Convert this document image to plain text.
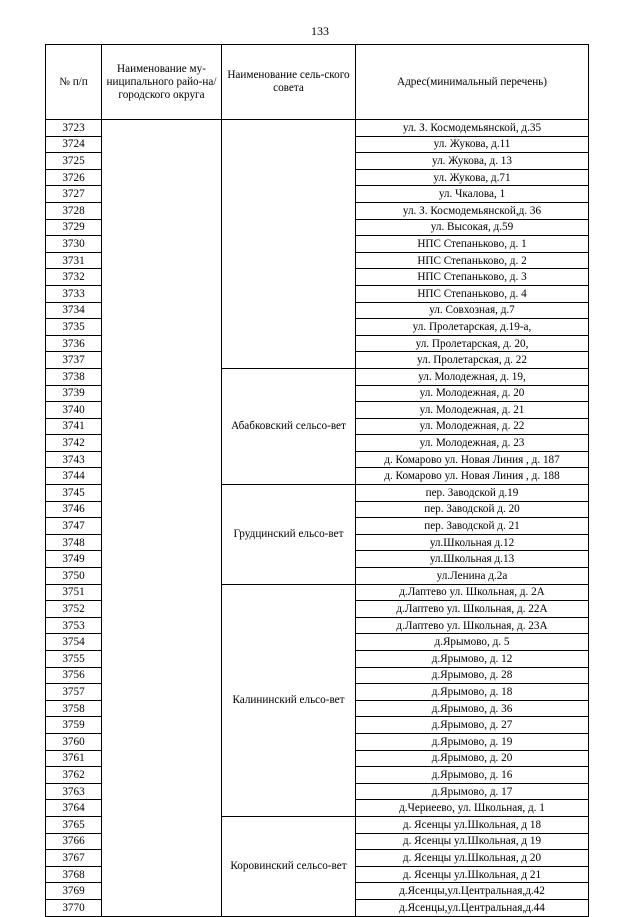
133
№ п/п	Наименование му-ниципального райо-на/ городского округа	Наименование сель-ского совета	Адрес(минимальный перечень)
3723			ул. З. Космодемьянской, д.35
3724			ул. Жукова, д.11
3725			ул. Жукова, д. 13
3726			ул. Жукова, д.71
3727			ул. Чкалова, 1
3728			ул. З. Космодемьянской,д. 36
3729			ул. Высокая, д.59
3730			НПС Степаньково, д. 1
3731			НПС Степаньково, д. 2
3732			НПС Степаньково, д. 3
3733			НПС Степаньково, д. 4
3734			ул. Совхозная, д.7
3735			ул. Пролетарская, д.19-а,
3736			ул. Пролетарская, д. 20,
3737			ул. Пролетарская, д. 22
3738		Абабковский сельсо-вет	ул. Молодежная, д. 19,
3739			ул. Молодежная, д. 20
3740			ул. Молодежная, д. 21
3741			ул. Молодежная, д. 22
3742			ул. Молодежная, д. 23
3743			д. Комарово ул. Новая Линия , д. 187
3744			д. Комарово ул. Новая Линия , д. 188
3745		Грудцинский ельсо-вет	пер. Заводской д.19
3746			пер. Заводской д. 20
3747			пер. Заводской д. 21
3748			ул.Школьная д.12
3749			ул.Школьная д.13
3750			ул.Ленина д.2а
3751		Калининский ельсо-вет	д.Лаптево ул. Школьная, д. 2А
3752			д.Лаптево ул. Школьная, д. 22А
3753			д.Лаптево ул. Школьная, д. 23А
3754			д.Ярымово, д. 5
3755			д.Ярымово, д. 12
3756			д.Ярымово, д. 28
3757			д.Ярымово, д. 18
3758			д.Ярымово, д. 36
3759			д.Ярымово, д. 27
3760			д.Ярымово, д. 19
3761			д.Ярымово, д. 20
3762			д.Ярымово, д. 16
3763			д.Ярымово, д. 17
3764			д.Чериеево, ул. Школьная, д. 1
3765		Коровинский сельсо-вет	д. Ясенцы ул.Школьная, д 18
3766			д. Ясенцы ул.Школьная, д 19
3767			д. Ясенцы ул.Школьная, д 20
3768			д. Ясенцы ул.Школьная, д 21
3769			д.Ясенцы,ул.Центральная,д.42
3770			д.Ясенцы,ул.Центральная,д.44
